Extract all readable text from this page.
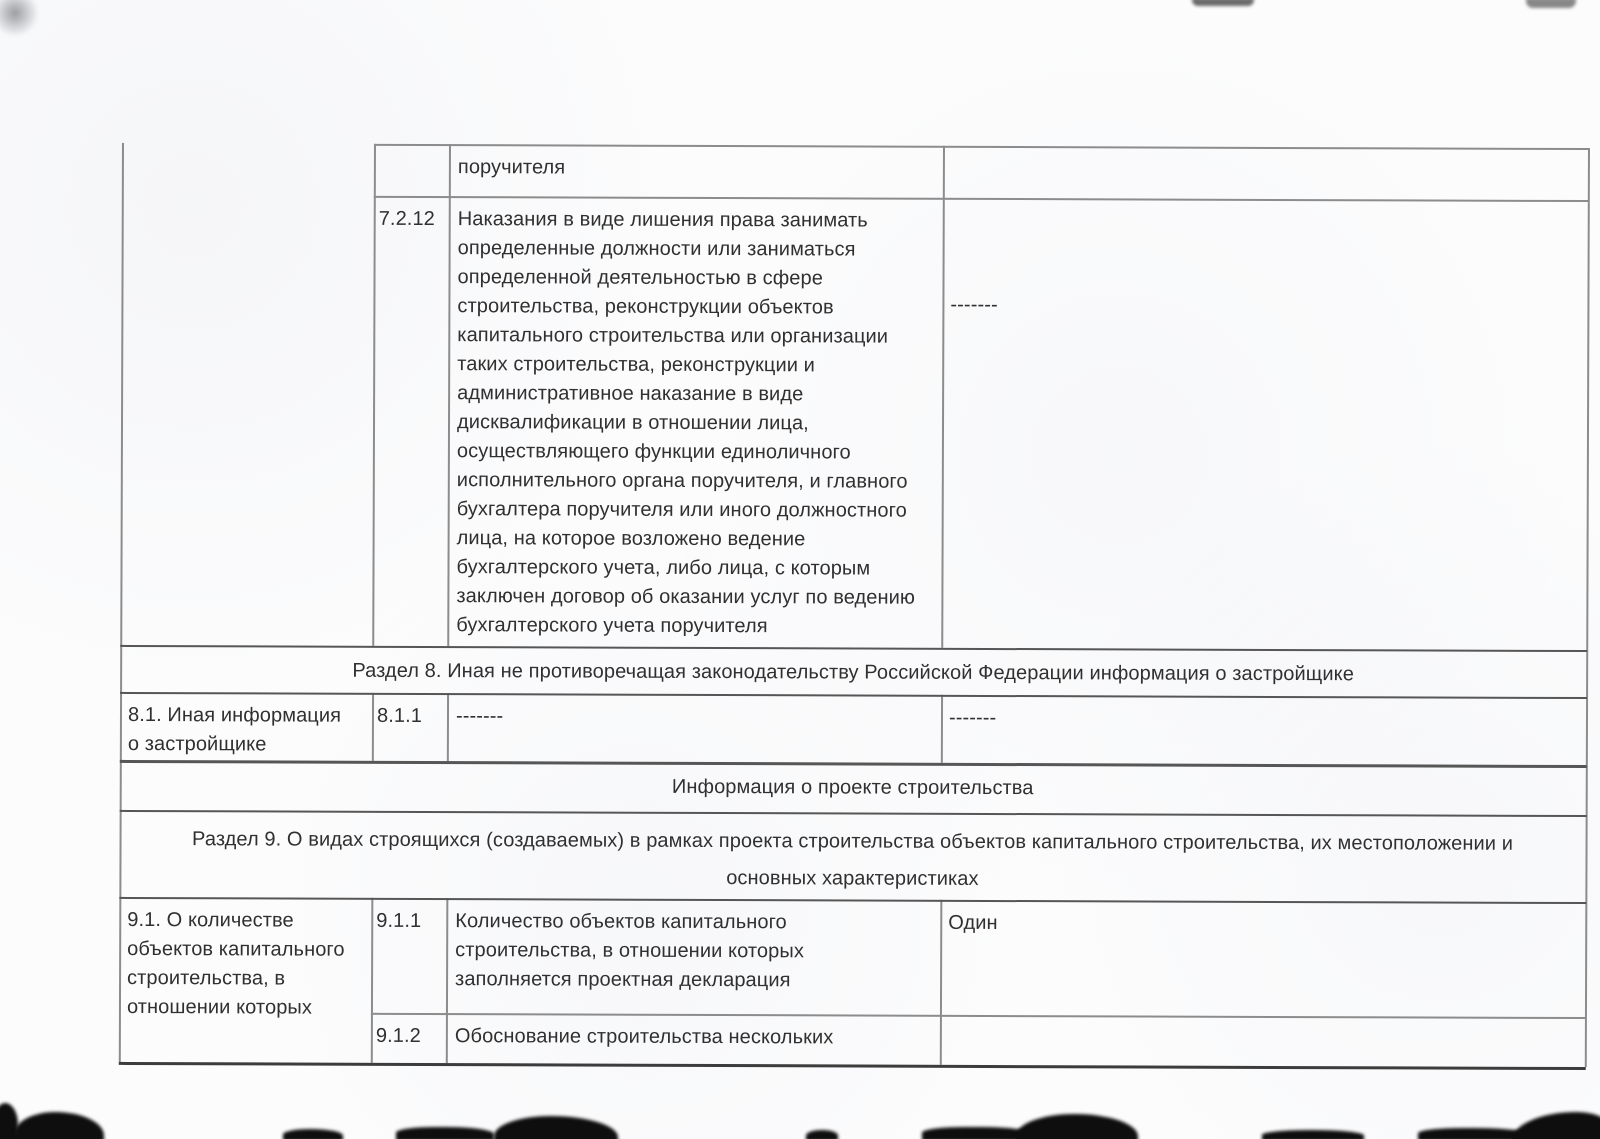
поручителя
7.2.12 Наказания в виде лишения права занимать
определенные должности или заниматься
определенной деятельностью в сфере
строительства, реконструкции объектов
капитального строительства или организации
таких строительства, реконструкции и
административное наказание в виде
дисквалификации в отношении лица,
осуществляющего функции единоличного
исполнительного органа поручителя, и главного
бухгалтера поручителя или иного должностного
лица, на которое возложено ведение
бухгалтерского учета, либо лица, с которым
заключен договор об оказании услуг по ведению
бухгалтерского учета поручителя
-------
Раздел 8. Иная не противоречащая законодательству Российской Федерации информация о застройщике
8.1. Иная информация
о застройщике
8.1.1 -------	-------
Информация о проекте строительства
Раздел 9. О видах строящихся (создаваемых) в рамках проекта строительства объектов капитального строительства, их местоположении и
основных характеристиках
9.1. О количестве
объектов капитального
строительства, в
отношении которых
9.1.1 Количество объектов капитального
строительства, в отношении которых
заполняется проектная декларация
Один
9.1.2 Обоснование строительства нескольких
